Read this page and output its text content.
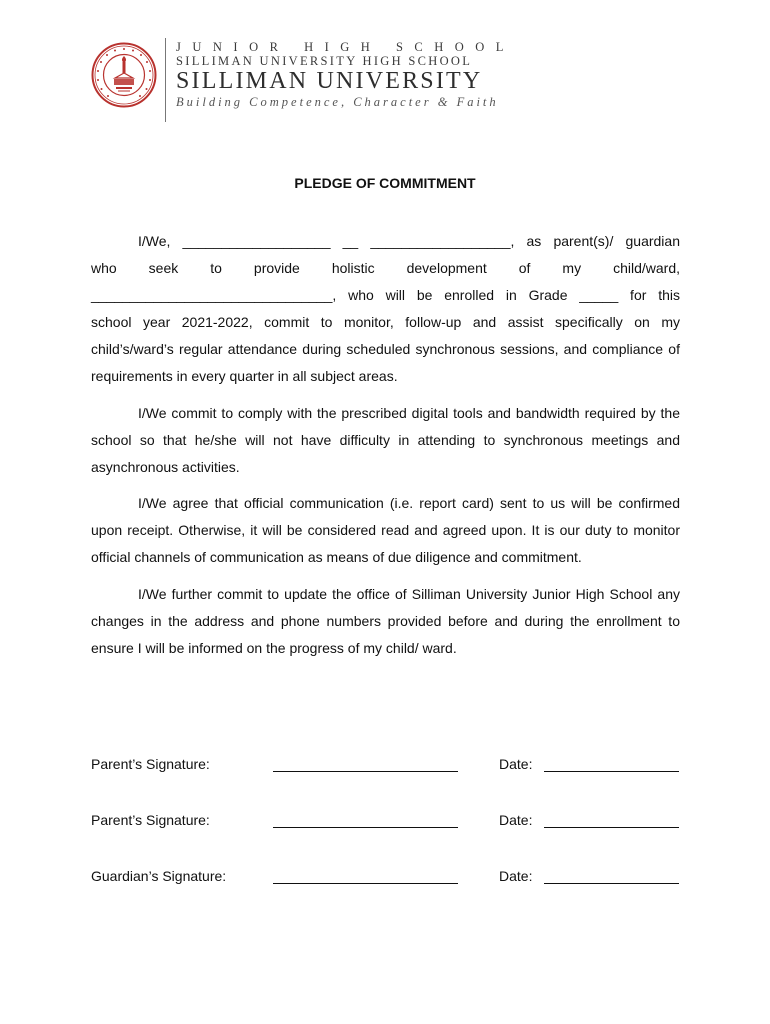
JUNIOR HIGH SCHOOL
SILLIMAN UNIVERSITY HIGH SCHOOL
SILLIMAN UNIVERSITY
Building Competence, Character & Faith
PLEDGE OF COMMITMENT
I/We, ___________________ __ __________________, as parent(s)/ guardian
who seek to provide holistic development of my child/ward,
_______________________________, who will be enrolled in Grade _____ for this
school year 2021-2022, commit to monitor, follow-up and assist specifically on my child’s/ward’s regular attendance during scheduled synchronous sessions, and compliance of requirements in every quarter in all subject areas.

I/We commit to comply with the prescribed digital tools and bandwidth required by the school so that he/she will not have difficulty in attending to synchronous meetings and asynchronous activities.

I/We agree that official communication (i.e. report card) sent to us will be confirmed upon receipt. Otherwise, it will be considered read and agreed upon. It is our duty to monitor official channels of communication as means of due diligence and commitment.

I/We further commit to update the office of Silliman University Junior High School any changes in the address and phone numbers provided before and during the enrollment to ensure I will be informed on the progress of my child/ ward.

Parent’s Signature:	Date:
Parent’s Signature:	Date:
Guardian’s Signature:	Date:
